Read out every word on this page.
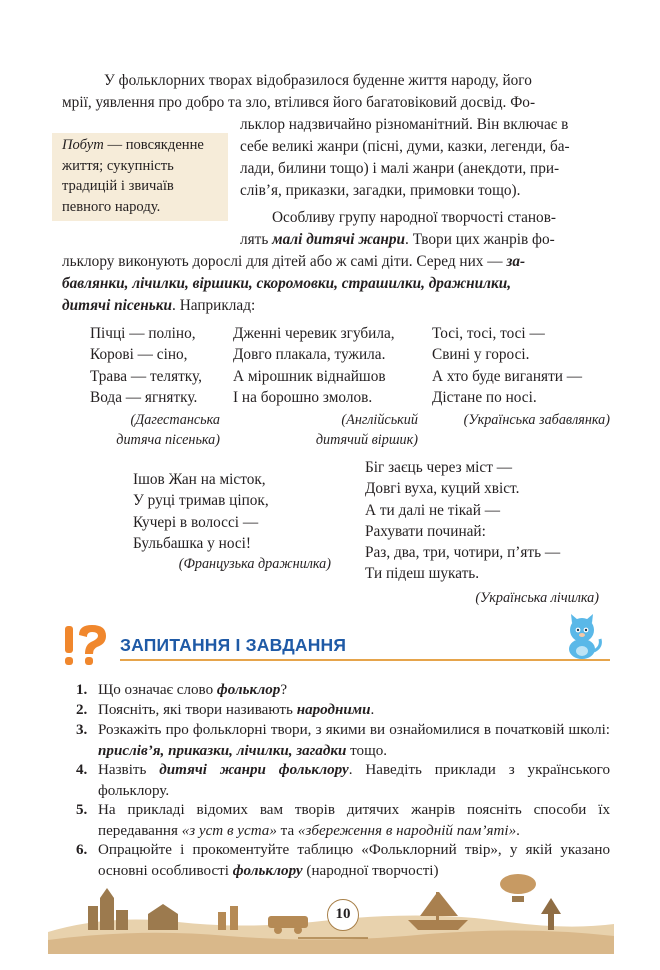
У фольклорних творах відобразилося буденне життя народу, його
мрії, уявлення про добро та зло, втілився його багатовіковий досвід. Фо-
льклор надзвичайно різноманітний. Він включає в
себе великі жанри (пісні, думи, казки, легенди, ба-
лади, билини тощо) і малі жанри (анекдоти, при-
слів’я, приказки, загадки, примовки тощо).
Побут — повсякденне життя; сукупність традицій і звичаїв певного народу.
Особливу групу народної творчості станов-
лять малі дитячі жанри. Твори цих жанрів фо-
льклору виконують дорослі для дітей або ж самі діти. Серед них — за-
бавлянки, лічилки, віршики, скоромовки, страшилки, дражнилки,
дитячі пісеньки. Наприклад:
Пічці — поліно,
Корові — сіно,
Трава — телятку,
Вода — ягнятку.
(Дагестанська
дитяча пісенька)
Дженні черевик згубила,
Довго плакала, тужила.
А мірошник віднайшов
І на борошно змолов.
(Англійський
дитячий віршик)
Тосі, тосі, тосі —
Свині у горосі.
А хто буде виганяти —
Дістане по носі.
(Українська забавлянка)
Ішов Жан на місток,
У руці тримав ціпок,
Кучері в волоссі —
Бульбашка у носі!
(Французька дражнилка)
Біг заєць через міст —
Довгі вуха, куций хвіст.
А ти далі не тікай —
Рахувати починай:
Раз, два, три, чотири, п’ять —
Ти підеш шукать.
(Українська лічилка)
ЗАПИТАННЯ І ЗАВДАННЯ
1. Що означає слово фольклор?
2. Поясніть, які твори називають народними.
3. Розкажіть про фольклорні твори, з якими ви ознайомилися в початковій школі: прислів’я, приказки, лічилки, загадки тощо.
4. Назвіть дитячі жанри фольклору. Наведіть приклади з українського фольклору.
5. На прикладі відомих вам творів дитячих жанрів поясніть способи їх передавання «з уст в уста» та «збереження в народній пам’яті».
6. Опрацюйте і прокоментуйте таблицю «Фольклорний твір», у якій указано основні особливості фольклору (народної творчості)
10
